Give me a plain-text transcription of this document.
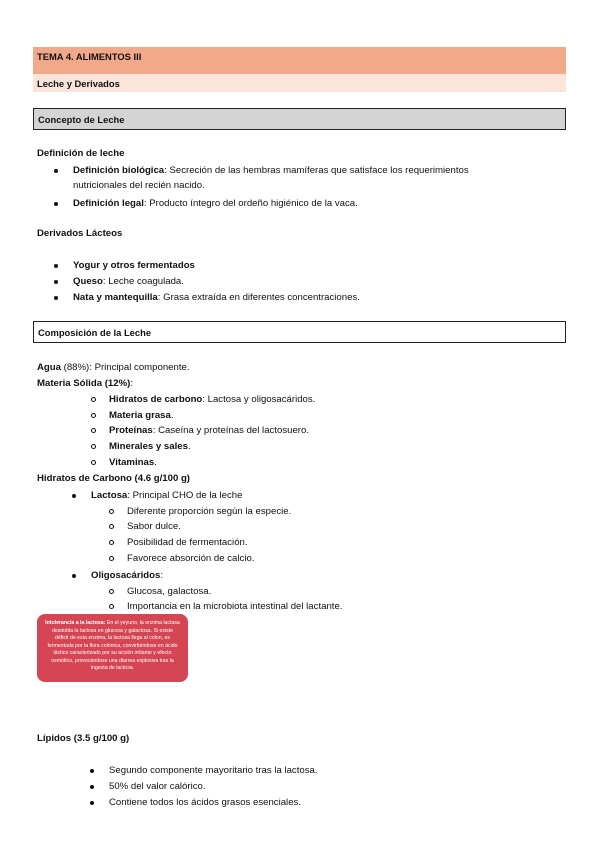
TEMA 4. ALIMENTOS III
Leche y Derivados
Concepto de Leche
Definición de leche
Definición biológica: Secreción de las hembras mamíferas que satisface los requerimientos
nutricionales del recién nacido.
Definición legal: Producto íntegro del ordeño higiénico de la vaca.
Derivados Lácteos
Yogur y otros fermentados
Queso: Leche coagulada.
Nata y mantequilla: Grasa extraída en diferentes concentraciones.
Composición de la Leche
Agua (88%): Principal componente.
Materia Sólida (12%):
Hidratos de carbono: Lactosa y oligosacáridos.
Materia grasa.
Proteínas: Caseína y proteínas del lactosuero.
Minerales y sales.
Vitaminas.
Hidratos de Carbono (4.6 g/100 g)
Lactosa: Principal CHO de la leche
Diferente proporción según la especie.
Sabor dulce.
Posibilidad de fermentación.
Favorece absorción de calcio.
Oligosacáridos:
Glucosa, galactosa.
Importancia en la microbiota intestinal del lactante.
Intolerancia a la lactosa: En el yeyuno, la enzima lactasa desdobla la lactosa en glucosa y galactosa. Si existe déficit de esta enzima, la lactosa llega al colon, es fermentada por la flora colónica, convirtiéndose en ácido láctico caracterizado por su acción irritante y efecto osmótico, provocándose una diarrea explosiva tras la ingesta de lactosa.
Lípidos (3.5 g/100 g)
Segundo componente mayoritario tras la lactosa.
50% del valor calórico.
Contiene todos los ácidos grasos esenciales.
